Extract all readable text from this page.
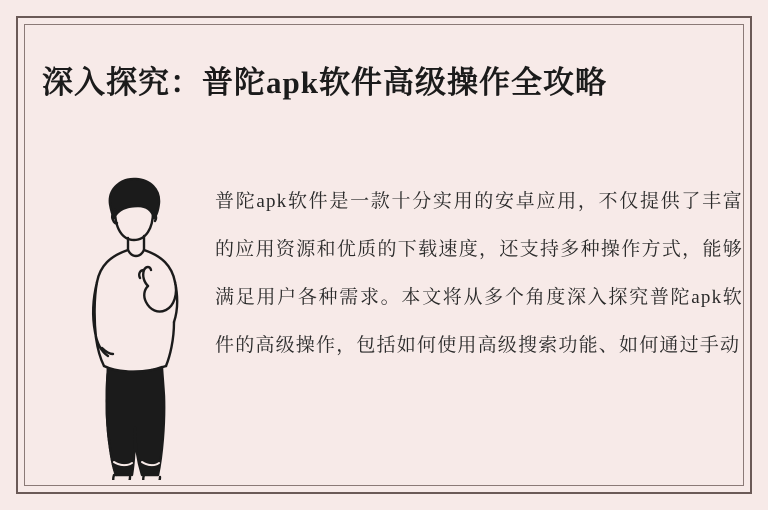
深入探究：普陀apk软件高级操作全攻略

普陀apk软件是一款十分实用的安卓应用，不仅提供了丰富的应用资源和优质的下载速度，还支持多种操作方式，能够满足用户各种需求。本文将从多个角度深入探究普陀apk软件的高级操作，包括如何使用高级搜索功能、如何通过手动
